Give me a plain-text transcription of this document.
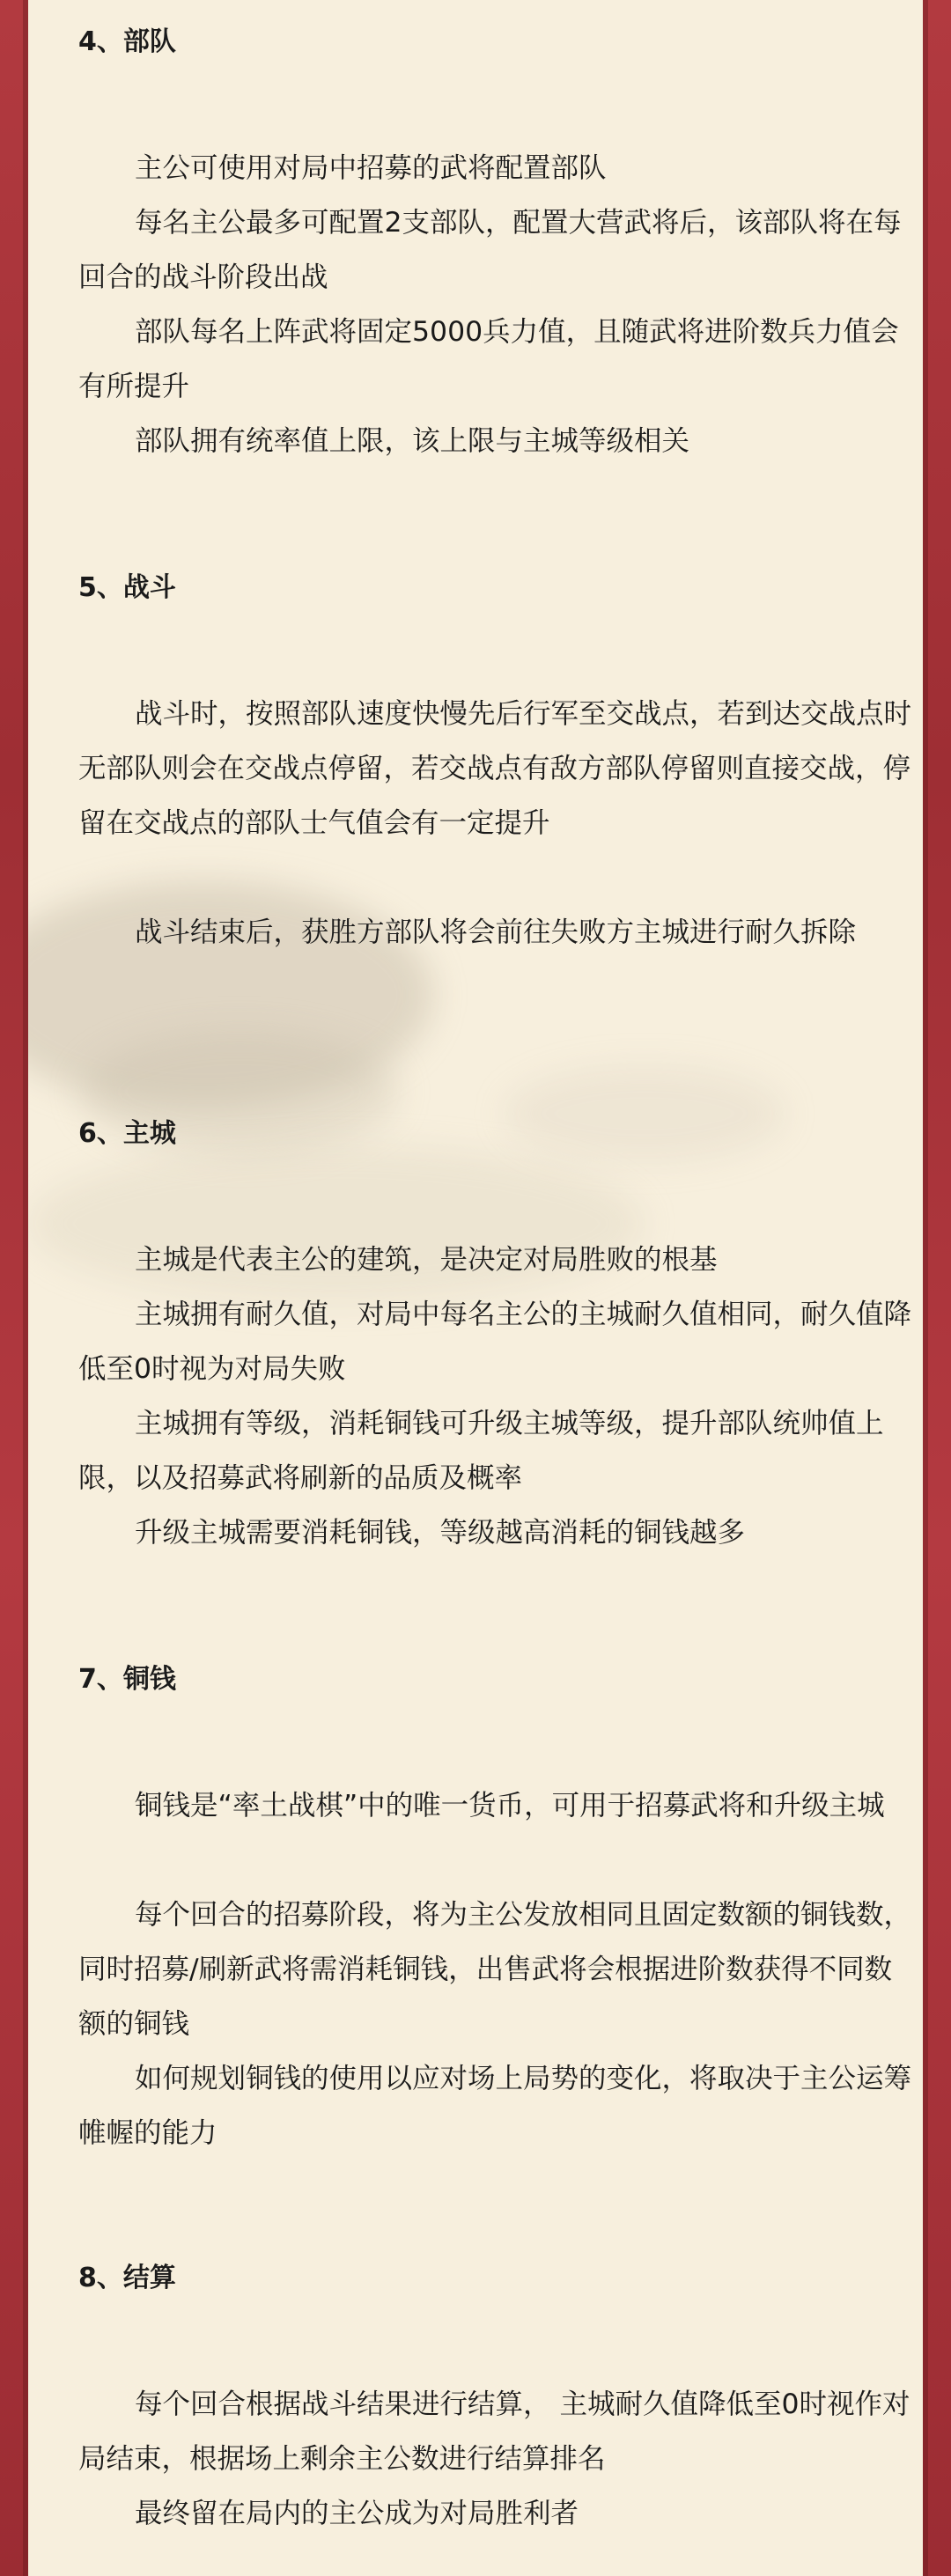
4、部队

主公可使用对局中招募的武将配置部队

每名主公最多可配置2支部队，配置大营武将后，该部队将在每回合的战斗阶段出战

部队每名上阵武将固定5000兵力值，且随武将进阶数兵力值会有所提升

部队拥有统率值上限，该上限与主城等级相关

5、战斗

战斗时，按照部队速度快慢先后行军至交战点，若到达交战点时无部队则会在交战点停留，若交战点有敌方部队停留则直接交战，停留在交战点的部队士气值会有一定提升

战斗结束后，获胜方部队将会前往失败方主城进行耐久拆除

6、主城

主城是代表主公的建筑，是决定对局胜败的根基

主城拥有耐久值，对局中每名主公的主城耐久值相同，耐久值降低至0时视为对局失败

主城拥有等级，消耗铜钱可升级主城等级，提升部队统帅值上限，以及招募武将刷新的品质及概率

升级主城需要消耗铜钱，等级越高消耗的铜钱越多

7、铜钱

铜钱是“率土战棋”中的唯一货币，可用于招募武将和升级主城

每个回合的招募阶段，将为主公发放相同且固定数额的铜钱数，同时招募/刷新武将需消耗铜钱，出售武将会根据进阶数获得不同数额的铜钱

如何规划铜钱的使用以应对场上局势的变化，将取决于主公运筹帷幄的能力

8、结算

每个回合根据战斗结果进行结算， 主城耐久值降低至0时视作对局结束，根据场上剩余主公数进行结算排名

最终留在局内的主公成为对局胜利者
